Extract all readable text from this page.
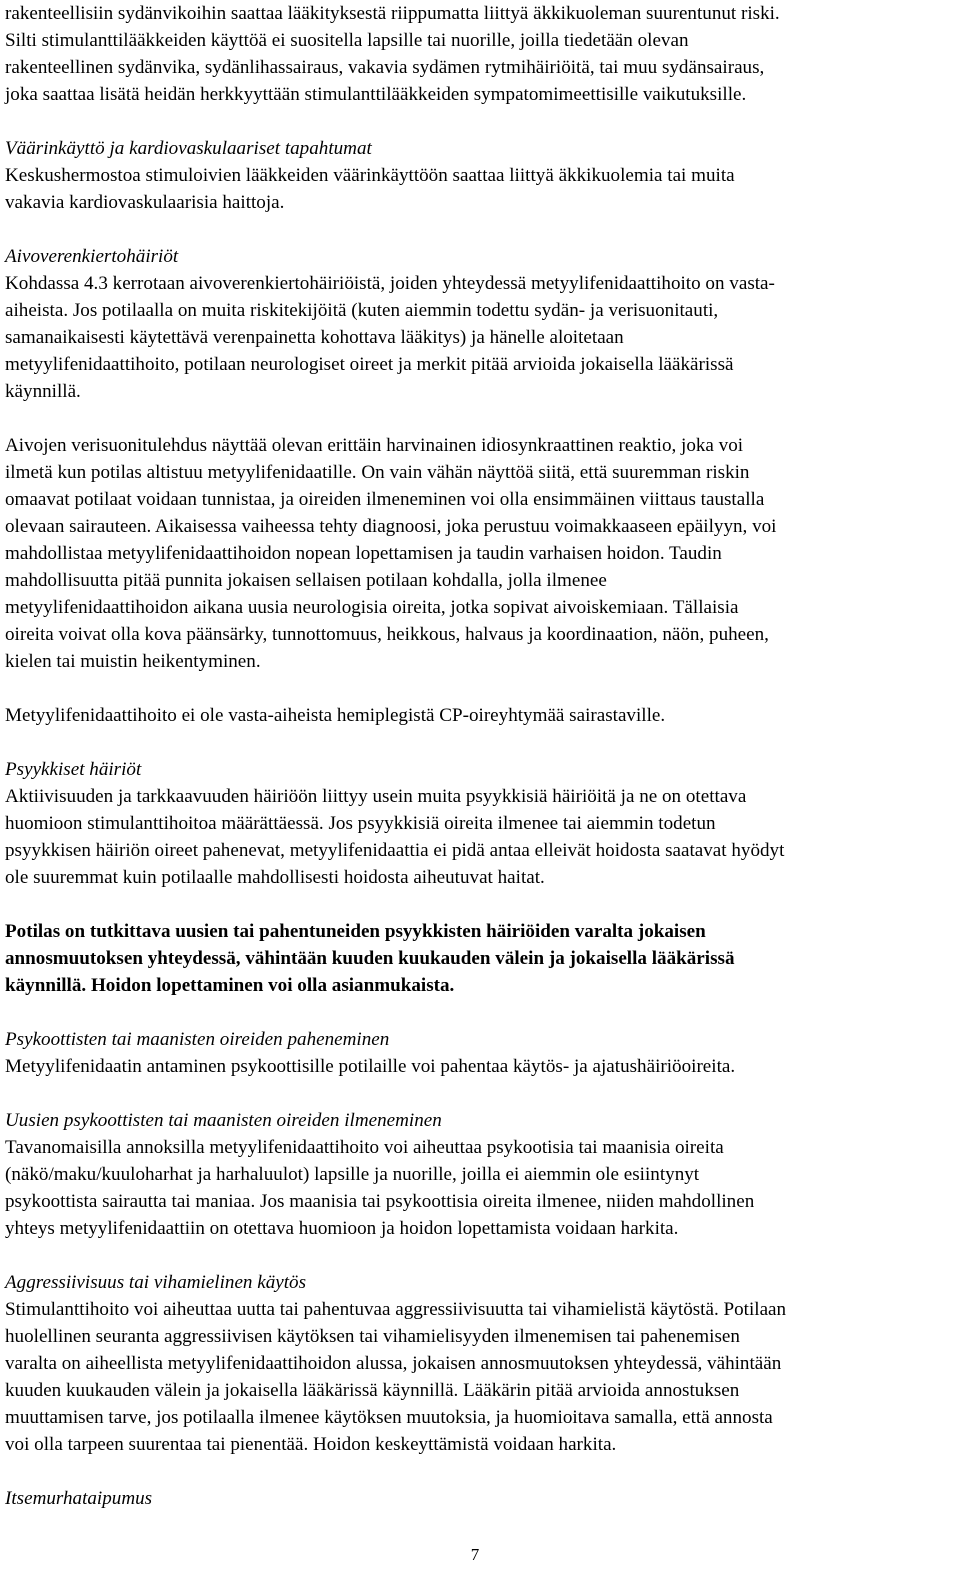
rakenteellisiin sydänvikoihin saattaa lääkityksestä riippumatta liittyä äkkikuoleman suurentunut riski.
Silti stimulanttilääkkeiden käyttöä ei suositella lapsille tai nuorille, joilla tiedetään olevan
rakenteellinen sydänvika, sydänlihassairaus, vakavia sydämen rytmihäiriöitä, tai muu sydänsairaus,
joka saattaa lisätä heidän herkkyyttään stimulanttilääkkeiden sympatomimeettisille vaikutuksille.
Väärinkäyttö ja kardiovaskulaariset tapahtumat
Keskushermostoa stimuloivien lääkkeiden väärinkäyttöön saattaa liittyä äkkikuolemia tai muita
vakavia kardiovaskulaarisia haittoja.
Aivoverenkiertohäiriöt
Kohdassa 4.3 kerrotaan aivoverenkiertohäiriöistä, joiden yhteydessä metyylifenidaattihoito on vasta-
aiheista. Jos potilaalla on muita riskitekijöitä (kuten aiemmin todettu sydän- ja verisuonitauti,
samanaikaisesti käytettävä verenpainetta kohottava lääkitys) ja hänelle aloitetaan
metyylifenidaattihoito, potilaan neurologiset oireet ja merkit pitää arvioida jokaisella lääkärissä
käynnillä.
Aivojen verisuonitulehdus näyttää olevan erittäin harvinainen idiosynkraattinen reaktio, joka voi
ilmetä kun potilas altistuu metyylifenidaatille. On vain vähän näyttöä siitä, että suuremman riskin
omaavat potilaat voidaan tunnistaa, ja oireiden ilmeneminen voi olla ensimmäinen viittaus taustalla
olevaan sairauteen. Aikaisessa vaiheessa tehty diagnoosi, joka perustuu voimakkaaseen epäilyyn, voi
mahdollistaa metyylifenidaattihoidon nopean lopettamisen ja taudin varhaisen hoidon. Taudin
mahdollisuutta pitää punnita jokaisen sellaisen potilaan kohdalla, jolla ilmenee
metyylifenidaattihoidon aikana uusia neurologisia oireita, jotka sopivat aivoiskemiaan. Tällaisia
oireita voivat olla kova päänsärky, tunnottomuus, heikkous, halvaus ja koordinaation, näön, puheen,
kielen tai muistin heikentyminen.
Metyylifenidaattihoito ei ole vasta-aiheista hemiplegistä CP-oireyhtymää sairastaville.
Psyykkiset häiriöt
Aktiivisuuden ja tarkkaavuuden häiriöön liittyy usein muita psyykkisiä häiriöitä ja ne on otettava
huomioon stimulanttihoitoa määrättäessä. Jos psyykkisiä oireita ilmenee tai aiemmin todetun
psyykkisen häiriön oireet pahenevat, metyylifenidaattia ei pidä antaa elleivät hoidosta saatavat hyödyt
ole suuremmat kuin potilaalle mahdollisesti hoidosta aiheutuvat haitat.
Potilas on tutkittava uusien tai pahentuneiden psyykkisten häiriöiden varalta jokaisen
annosmuutoksen yhteydessä, vähintään kuuden kuukauden välein ja jokaisella lääkärissä
käynnillä. Hoidon lopettaminen voi olla asianmukaista.
Psykoottisten tai maanisten oireiden paheneminen
Metyylifenidaatin antaminen psykoottisille potilaille voi pahentaa käytös- ja ajatushäiriöoireita.
Uusien psykoottisten tai maanisten oireiden ilmeneminen
Tavanomaisilla annoksilla metyylifenidaattihoito voi aiheuttaa psykootisia tai maanisia oireita
(näkö/maku/kuuloharhat ja harhaluulot) lapsille ja nuorille, joilla ei aiemmin ole esiintynyt
psykoottista sairautta tai maniaa. Jos maanisia tai psykoottisia oireita ilmenee, niiden mahdollinen
yhteys metyylifenidaattiin on otettava huomioon ja hoidon lopettamista voidaan harkita.
Aggressiivisuus tai vihamielinen käytös
Stimulanttihoito voi aiheuttaa uutta tai pahentuvaa aggressiivisuutta tai vihamielistä käytöstä. Potilaan
huolellinen seuranta aggressiivisen käytöksen tai vihamielisyyden ilmenemisen tai pahenemisen
varalta on aiheellista metyylifenidaattihoidon alussa, jokaisen annosmuutoksen yhteydessä, vähintään
kuuden kuukauden välein ja jokaisella lääkärissä käynnillä. Lääkärin pitää arvioida annostuksen
muuttamisen tarve, jos potilaalla ilmenee käytöksen muutoksia, ja huomioitava samalla, että annosta
voi olla tarpeen suurentaa tai pienentää. Hoidon keskeyttämistä voidaan harkita.
Itsemurhataipumus
7
